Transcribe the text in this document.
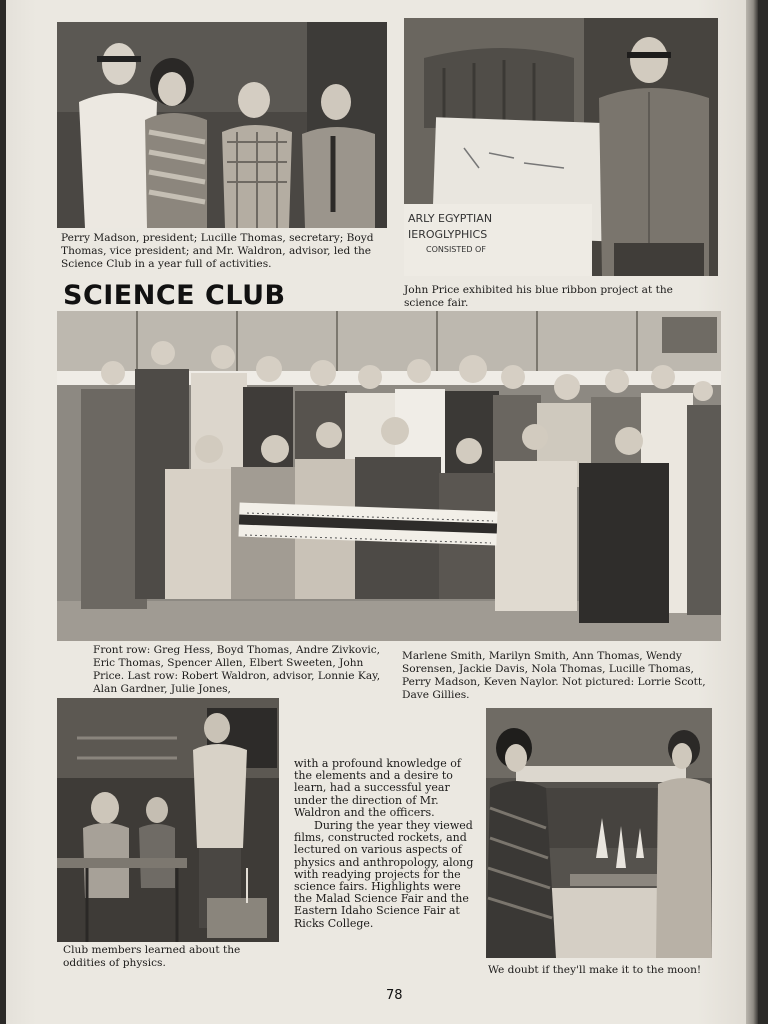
Perry Madson, president; Lucille Thomas, secretary; Boyd Thomas, vice president; and Mr. Waldron, advisor, led the Science Club in a year full of activities.
ARLY EGYPTIAN
IEROGLYPHICS
CONSISTED OF
SCIENCE CLUB	John Price exhibited his blue ribbon project at the science fair.
Front row: Greg Hess, Boyd Thomas, Andre Zivkovic, Eric Thomas, Spencer Allen, Elbert Sweeten, John Price. Last row: Robert Waldron, advisor, Lonnie Kay, Alan Gardner, Julie Jones,
Marlene Smith, Marilyn Smith, Ann Thomas, Wendy Sorensen, Jackie Davis, Nola Thomas, Lucille Thomas, Perry Madson, Keven Naylor. Not pictured: Lorrie Scott, Dave Gillies.
Club members learned about the oddities of physics.
with a profound knowledge of the elements and a desire to learn, had a successful year under the direction of Mr. Waldron and the officers.
During the year they viewed films, constructed rockets, and lectured on various aspects of physics and anthropology, along with readying projects for the science fairs. Highlights were the Malad Science Fair and the Eastern Idaho Science Fair at Ricks College.
We doubt if they'll make it to the moon!
78
